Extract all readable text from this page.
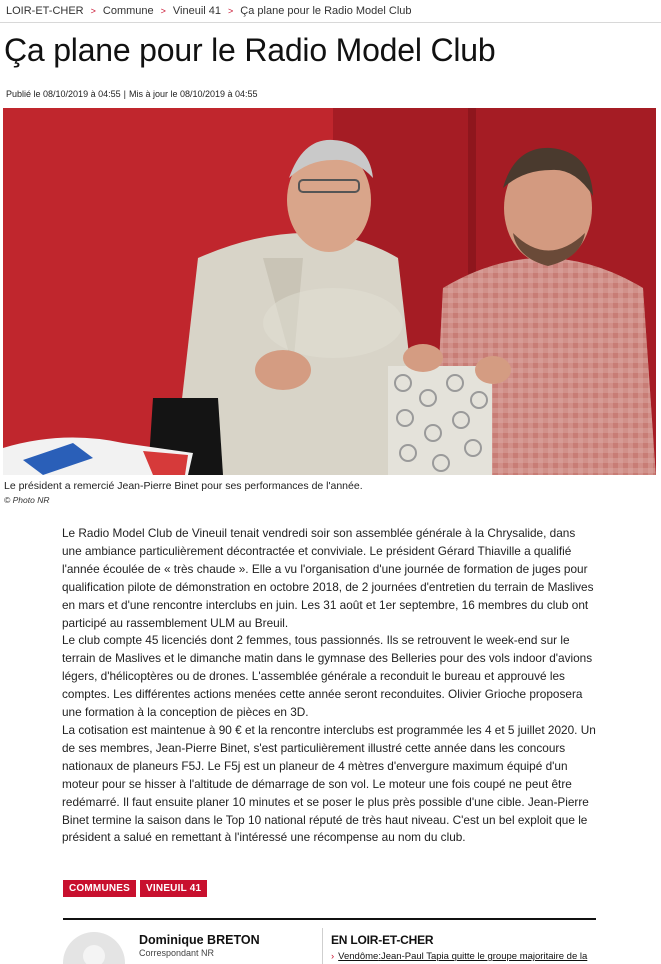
LOIR-ET-CHER > Commune > Vineuil 41 > Ça plane pour le Radio Model Club
Ça plane pour le Radio Model Club
Publié le 08/10/2019 à 04:55 | Mis à jour le 08/10/2019 à 04:55
Le président a remercié Jean-Pierre Binet pour ses performances de l'année.
© Photo NR

Le Radio Model Club de Vineuil tenait vendredi soir son assemblée générale à la Chrysalide, dans une ambiance particulièrement décontractée et conviviale. Le président Gérard Thiaville a qualifié l'année écoulée de « très chaude ». Elle a vu l'organisation d'une journée de formation de juges pour qualification pilote de démonstration en octobre 2018, de 2 journées d'entretien du terrain de Maslives en mars et d'une rencontre interclubs en juin. Les 31 août et 1er septembre, 16 membres du club ont participé au rassemblement ULM au Breuil.

Le club compte 45 licenciés dont 2 femmes, tous passionnés. Ils se retrouvent le week-end sur le terrain de Maslives et le dimanche matin dans le gymnase des Belleries pour des vols indoor d'avions légers, d'hélicoptères ou de drones. L'assemblée générale a reconduit le bureau et approuvé les comptes. Les différentes actions menées cette année seront reconduites. Olivier Grioche proposera une formation à la conception de pièces en 3D.

La cotisation est maintenue à 90 € et la rencontre interclubs est programmée les 4 et 5 juillet 2020. Un de ses membres, Jean-Pierre Binet, s'est particulièrement illustré cette année dans les concours nationaux de planeurs F5J. Le F5j est un planeur de 4 mètres d'envergure maximum équipé d'un moteur pour se hisser à l'altitude de démarrage de son vol. Le moteur une fois coupé ne peut être redémarré. Il faut ensuite planer 10 minutes et se poser le plus près possible d'une cible. Jean-Pierre Binet termine la saison dans le Top 10 national réputé de très haut niveau. C'est un bel exploit que le président a salué en remettant à l'intéressé une récompense au nom du club.

COMMUNES	VINEUIL 41
Dominique BRETON
Correspondant NR
EN LOIR-ET-CHER
› Vendôme:Jean-Paul Tapia quitte le groupe majoritaire de la
